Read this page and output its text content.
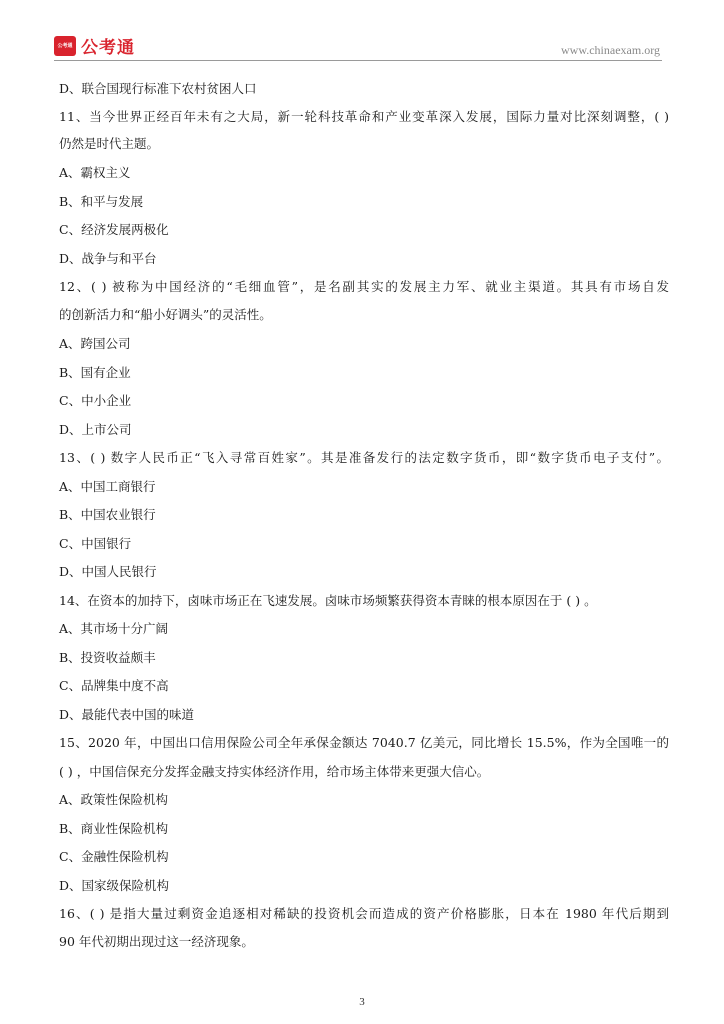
公考通 公考通	www.chinaexam.org
D、联合国现行标准下农村贫困人口
11、当今世界正经百年未有之大局，新一轮科技革命和产业变革深入发展，国际力量对比深刻调整，( )
仍然是时代主题。
A、霸权主义
B、和平与发展
C、经济发展两极化
D、战争与和平台
12、( ) 被称为中国经济的“毛细血管”，是名副其实的发展主力军、就业主渠道。其具有市场自发
的创新活力和“船小好调头”的灵活性。
A、跨国公司
B、国有企业
C、中小企业
D、上市公司
13、( ) 数字人民币正“飞入寻常百姓家”。其是准备发行的法定数字货币，即“数字货币电子支付”。
A、中国工商银行
B、中国农业银行
C、中国银行
D、中国人民银行
14、在资本的加持下，卤味市场正在飞速发展。卤味市场频繁获得资本青睐的根本原因在于 ( ) 。
A、其市场十分广阔
B、投资收益颇丰
C、品牌集中度不高
D、最能代表中国的味道
15、2020 年，中国出口信用保险公司全年承保金额达 7040.7 亿美元，同比增长 15.5%，作为全国唯一的
( ) ，中国信保充分发挥金融支持实体经济作用，给市场主体带来更强大信心。
A、政策性保险机构
B、商业性保险机构
C、金融性保险机构
D、国家级保险机构
16、( ) 是指大量过剩资金追逐相对稀缺的投资机会而造成的资产价格膨胀，日本在 1980 年代后期到
90 年代初期出现过这一经济现象。
3
